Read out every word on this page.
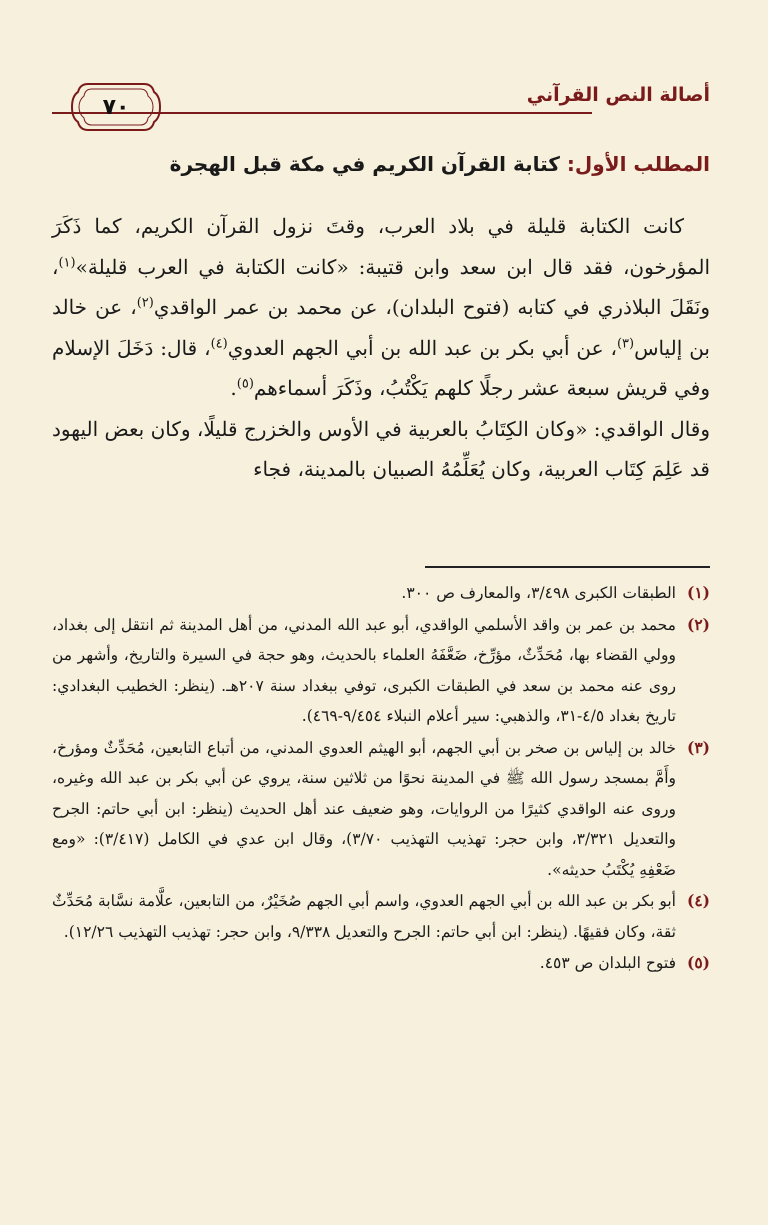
أصالة النص القرآني
٧٠
المطلب الأول: كتابة القرآن الكريم في مكة قبل الهجرة

كانت الكتابة قليلة في بلاد العرب، وقتَ نزول القرآن الكريم، كما ذَكَرَ المؤرخون، فقد قال ابن سعد وابن قتيبة: «كانت الكتابة في العرب قليلة»$^{(١)}$، ونَقَلَ البلاذري في كتابه (فتوح البلدان)، عن محمد بن عمر الواقدي$^{(٢)}$، عن خالد بن إلياس$^{(٣)}$، عن أبي بكر بن عبد الله بن أبي الجهم العدوي$^{(٤)}$، قال: دَخَلَ الإسلام وفي قريش سبعة عشر رجلًا كلهم يَكْتُبُ، وذَكَرَ أسماءهم$^{(٥)}$.

وقال الواقدي: «وكان الكِتَابُ بالعربية في الأوس والخزرج قليلًا، وكان بعض اليهود قد عَلِمَ كِتَاب العربية، وكان يُعَلِّمُهُ الصبيان بالمدينة، فجاء

(١)
الطبقات الكبرى ٣/٤٩٨، والمعارف ص ٣٠٠.
(٢)
محمد بن عمر بن واقد الأسلمي الواقدي، أبو عبد الله المدني، من أهل المدينة ثم انتقل إلى بغداد، وولي القضاء بها، مُحَدِّثٌ، مؤرِّخ، ضَعَّفَهُ العلماء بالحديث، وهو حجة في السيرة والتاريخ، وأشهر من روى عنه محمد بن سعد في الطبقات الكبرى، توفي ببغداد سنة ٢٠٧هـ. (ينظر: الخطيب البغدادي: تاريخ بغداد ٤/٥-٣١، والذهبي: سير أعلام النبلاء ٩/٤٥٤-٤٦٩).
(٣)
خالد بن إلياس بن صخر بن أبي الجهم، أبو الهيثم العدوي المدني، من أتباع التابعين، مُحَدِّثٌ ومؤرخ، وأَمَّ بمسجد رسول الله ﷺ في المدينة نحوًا من ثلاثين سنة، يروي عن أبي بكر بن عبد الله وغيره، وروى عنه الواقدي كثيرًا من الروايات، وهو ضعيف عند أهل الحديث (ينظر: ابن أبي حاتم: الجرح والتعديل ٣/٣٢١، وابن حجر: تهذيب التهذيب ٣/٧٠)، وقال ابن عدي في الكامل (٣/٤١٧): «ومع ضَعْفِهِ يُكْتَبُ حديثه».
(٤)
أبو بكر بن عبد الله بن أبي الجهم العدوي، واسم أبي الجهم صُخَيْرٌ، من التابعين، علَّامة نسَّابة مُحَدِّثٌ ثقة، وكان فقيهًا. (ينظر: ابن أبي حاتم: الجرح والتعديل ٩/٣٣٨، وابن حجر: تهذيب التهذيب ١٢/٢٦).
(٥)
فتوح البلدان ص ٤٥٣.
